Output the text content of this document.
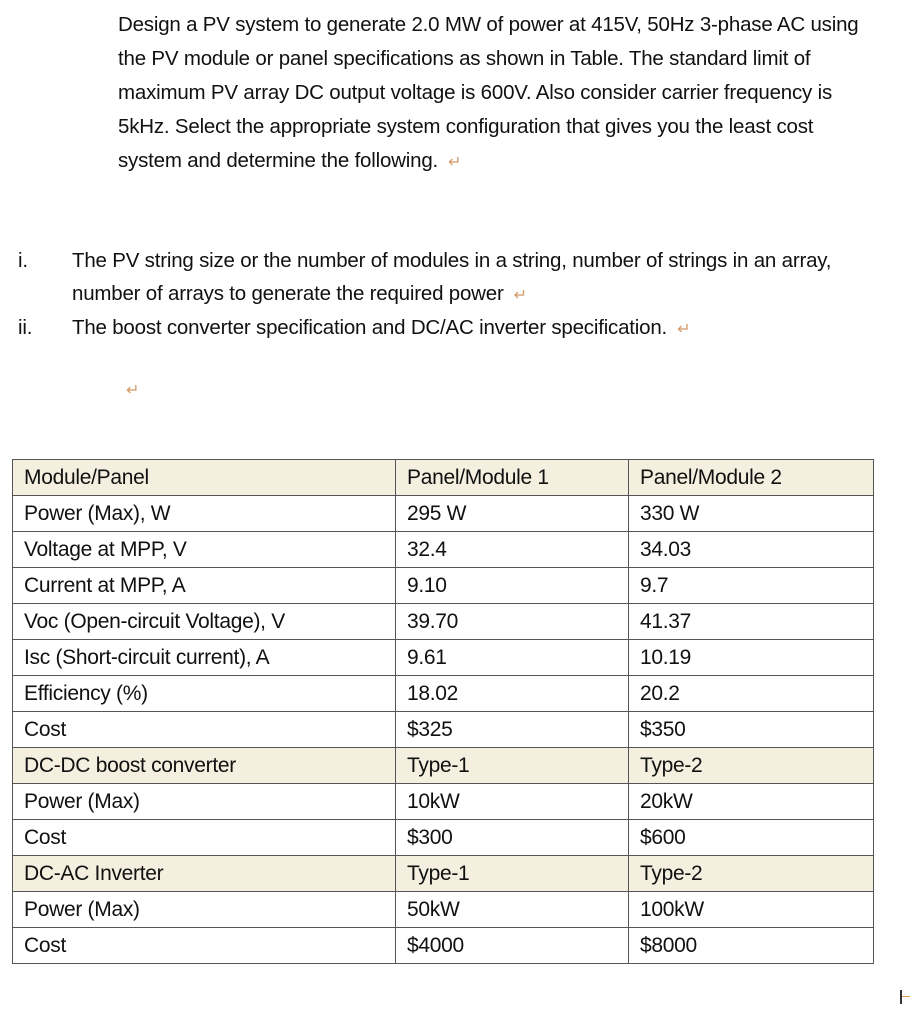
Design a PV system to generate 2.0 MW of power at 415V, 50Hz 3-phase AC using the PV module or panel specifications as shown in Table. The standard limit of maximum PV array DC output voltage is 600V. Also consider carrier frequency is 5kHz. Select the appropriate system configuration that gives you the least cost system and determine the following. ↵
i.	The PV string size or the number of modules in a string, number of strings in an array, number of arrays to generate the required power ↵
ii.	The boost converter specification and DC/AC inverter specification. ↵
↵
Module/Panel	Panel/Module 1	Panel/Module 2
Power (Max), W	295 W	330 W
Voltage at MPP, V	32.4	34.03
Current at MPP, A	9.10	9.7
Voc (Open-circuit Voltage), V	39.70	41.37
Isc (Short-circuit current), A	9.61	10.19
Efficiency (%)	18.02	20.2
Cost	$325	$350
DC-DC boost converter	Type-1	Type-2
Power (Max)	10kW	20kW
Cost	$300	$600
DC-AC Inverter	Type-1	Type-2
Power (Max)	50kW	100kW
Cost	$4000	$8000
